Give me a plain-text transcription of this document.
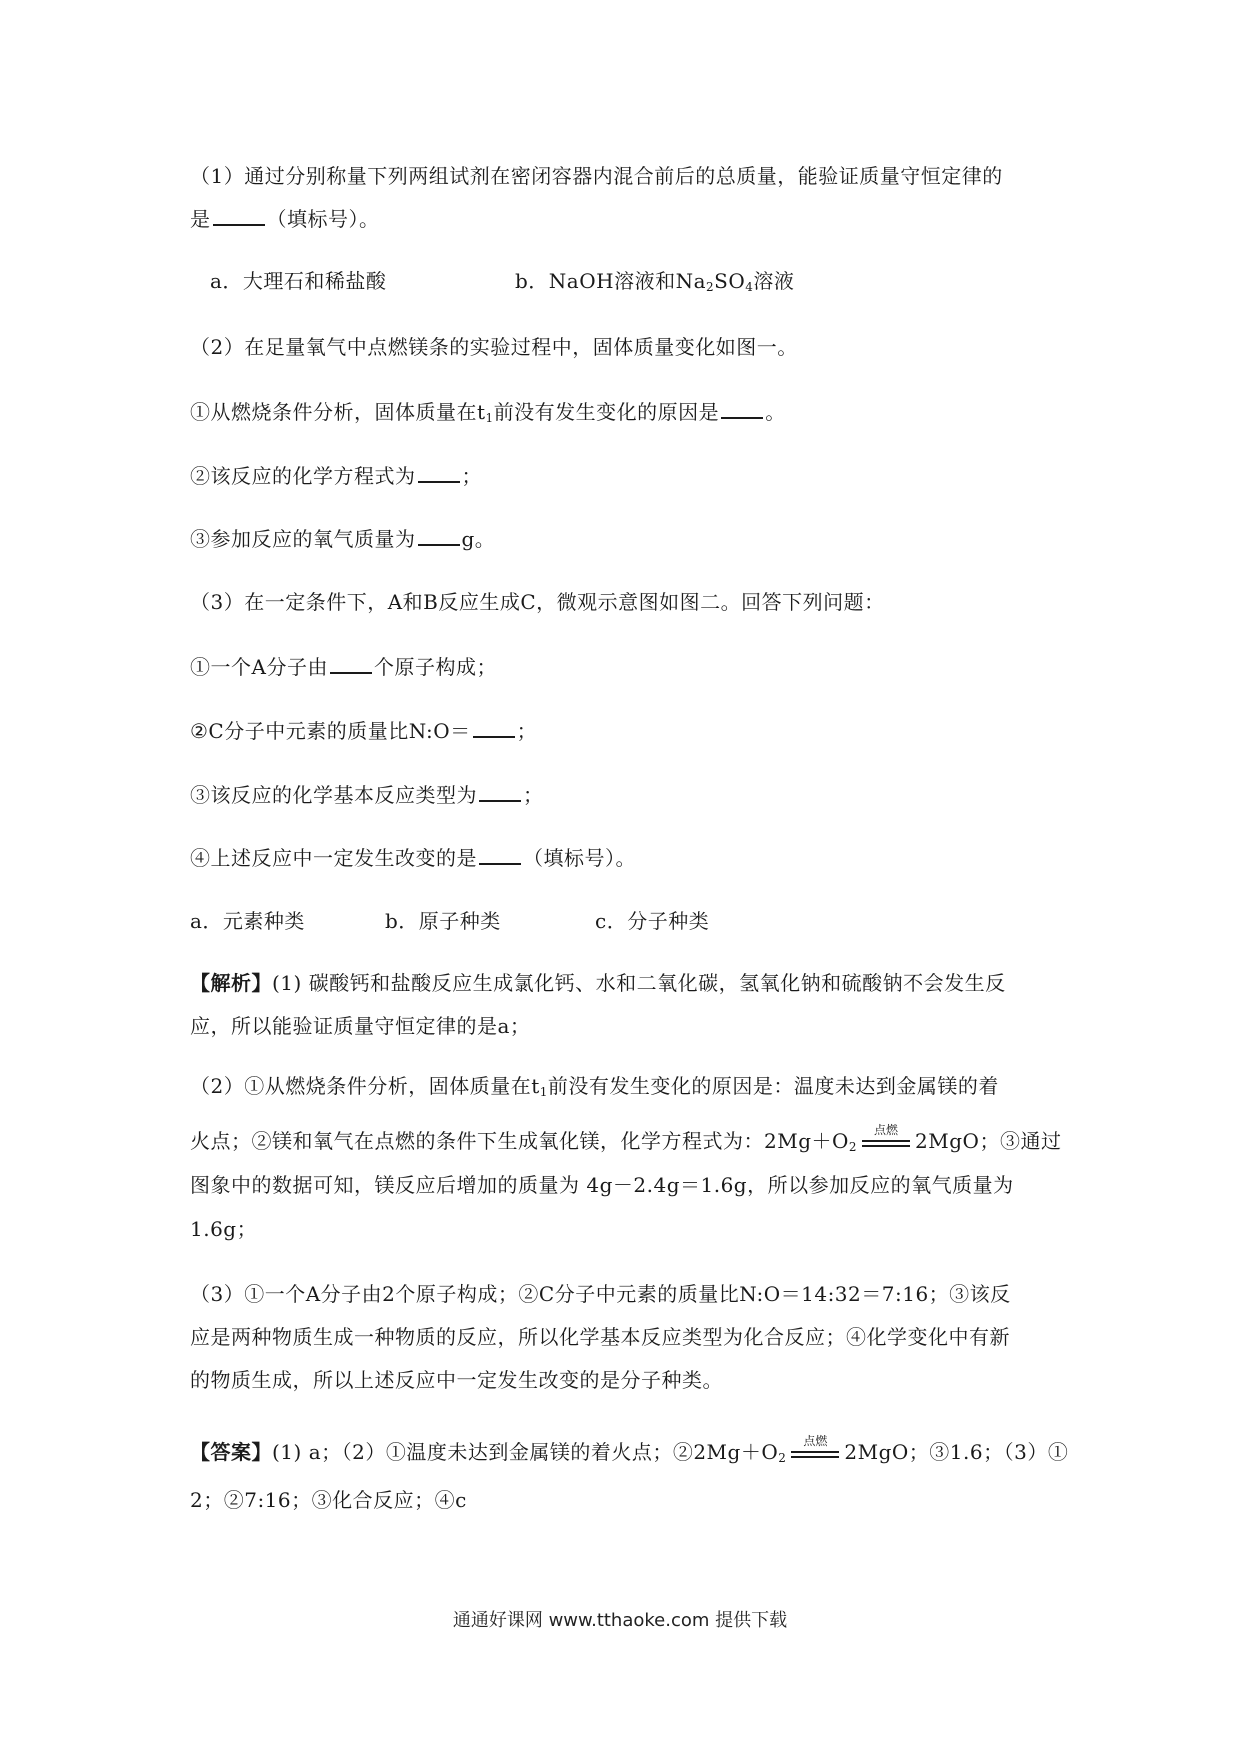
（1）通过分别称量下列两组试剂在密闭容器内混合前后的总质量，能验证质量守恒定律的
是	（填标号）。
a．大理石和稀盐酸	b．NaOH溶液和$Na_2SO_4$溶液
（2）在足量氧气中点燃镁条的实验过程中，固体质量变化如图一。
①从燃烧条件分析，固体质量在$t_1$前没有发生变化的原因是 。
②该反应的化学方程式为 ；
③参加反应的氧气质量为 g。
（3）在一定条件下，A和B反应生成C，微观示意图如图二。回答下列问题：
①一个A分子由 个原子构成；
②C分子中元素的质量比N:O＝ ；
③该反应的化学基本反应类型为 ；
④上述反应中一定发生改变的是 （填标号）。
a．元素种类	b．原子种类	c．分子种类
【解析】(1) 碳酸钙和盐酸反应生成氯化钙、水和二氧化碳，氢氧化钠和硫酸钠不会发生反
应，所以能验证质量守恒定律的是a；
（2）①从燃烧条件分析，固体质量在$t_1$前没有发生变化的原因是：温度未达到金属镁的着
火点；②镁和氧气在点燃的条件下生成氧化镁，化学方程式为：$2Mg+O_2$
点燃 2MgO；③通过
图象中的数据可知，镁反应后增加的质量为 4g－2.4g＝1.6g，所以参加反应的氧气质量为
1.6g；
（3）①一个A分子由2个原子构成；②C分子中元素的质量比N:O＝14:32＝7:16；③该反
应是两种物质生成一种物质的反应，所以化学基本反应类型为化合反应；④化学变化中有新
的物质生成，所以上述反应中一定发生改变的是分子种类。
【答案】(1) a；（2）①温度未达到金属镁的着火点；$②2Mg+O_2$
点燃 2MgO；③1.6；（3）①
2；②7:16；③化合反应；④c
通通好课网 www.tthaoke.com 提供下载
